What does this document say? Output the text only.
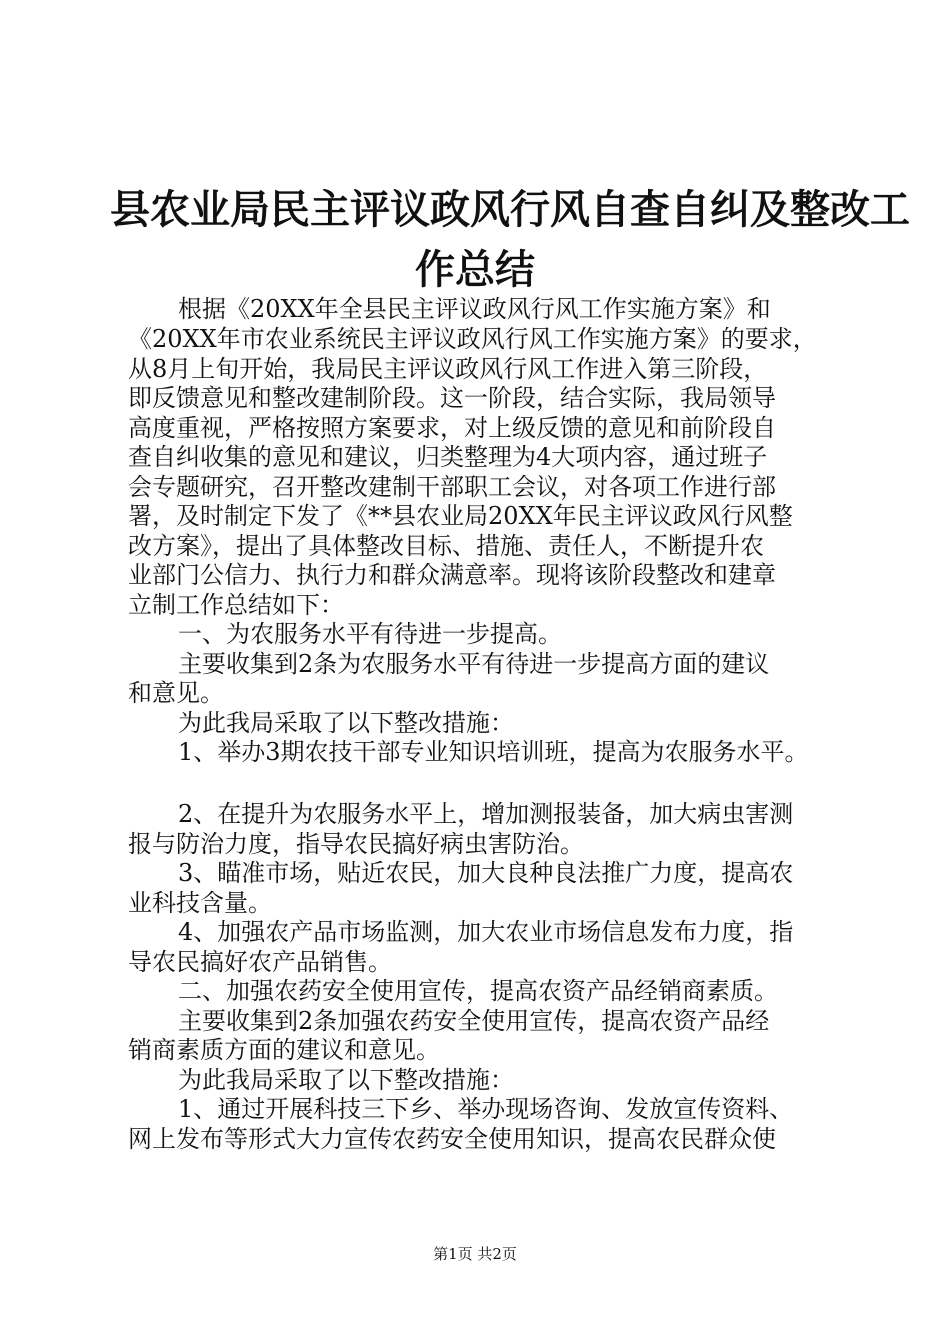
县农业局民主评议政风行风自查自纠及整改工
作总结
根据《20XX年全县民主评议政风行风工作实施方案》和
《20XX年市农业系统民主评议政风行风工作实施方案》的要求，
从8月上旬开始，我局民主评议政风行风工作进入第三阶段，
即反馈意见和整改建制阶段。这一阶段，结合实际，我局领导
高度重视，严格按照方案要求，对上级反馈的意见和前阶段自
查自纠收集的意见和建议，归类整理为4大项内容，通过班子
会专题研究，召开整改建制干部职工会议，对各项工作进行部
署，及时制定下发了《**县农业局20XX年民主评议政风行风整
改方案》，提出了具体整改目标、措施、责任人，不断提升农
业部门公信力、执行力和群众满意率。现将该阶段整改和建章
立制工作总结如下：
一、为农服务水平有待进一步提高。
主要收集到2条为农服务水平有待进一步提高方面的建议
和意见。
为此我局采取了以下整改措施：
1、举办3期农技干部专业知识培训班，提高为农服务水平。
2、在提升为农服务水平上，增加测报装备，加大病虫害测
报与防治力度，指导农民搞好病虫害防治。
3、瞄准市场，贴近农民，加大良种良法推广力度，提高农
业科技含量。
4、加强农产品市场监测，加大农业市场信息发布力度，指
导农民搞好农产品销售。
二、加强农药安全使用宣传，提高农资产品经销商素质。
主要收集到2条加强农药安全使用宣传，提高农资产品经
销商素质方面的建议和意见。
为此我局采取了以下整改措施：
1、通过开展科技三下乡、举办现场咨询、发放宣传资料、
网上发布等形式大力宣传农药安全使用知识，提高农民群众使
第1页 共2页
